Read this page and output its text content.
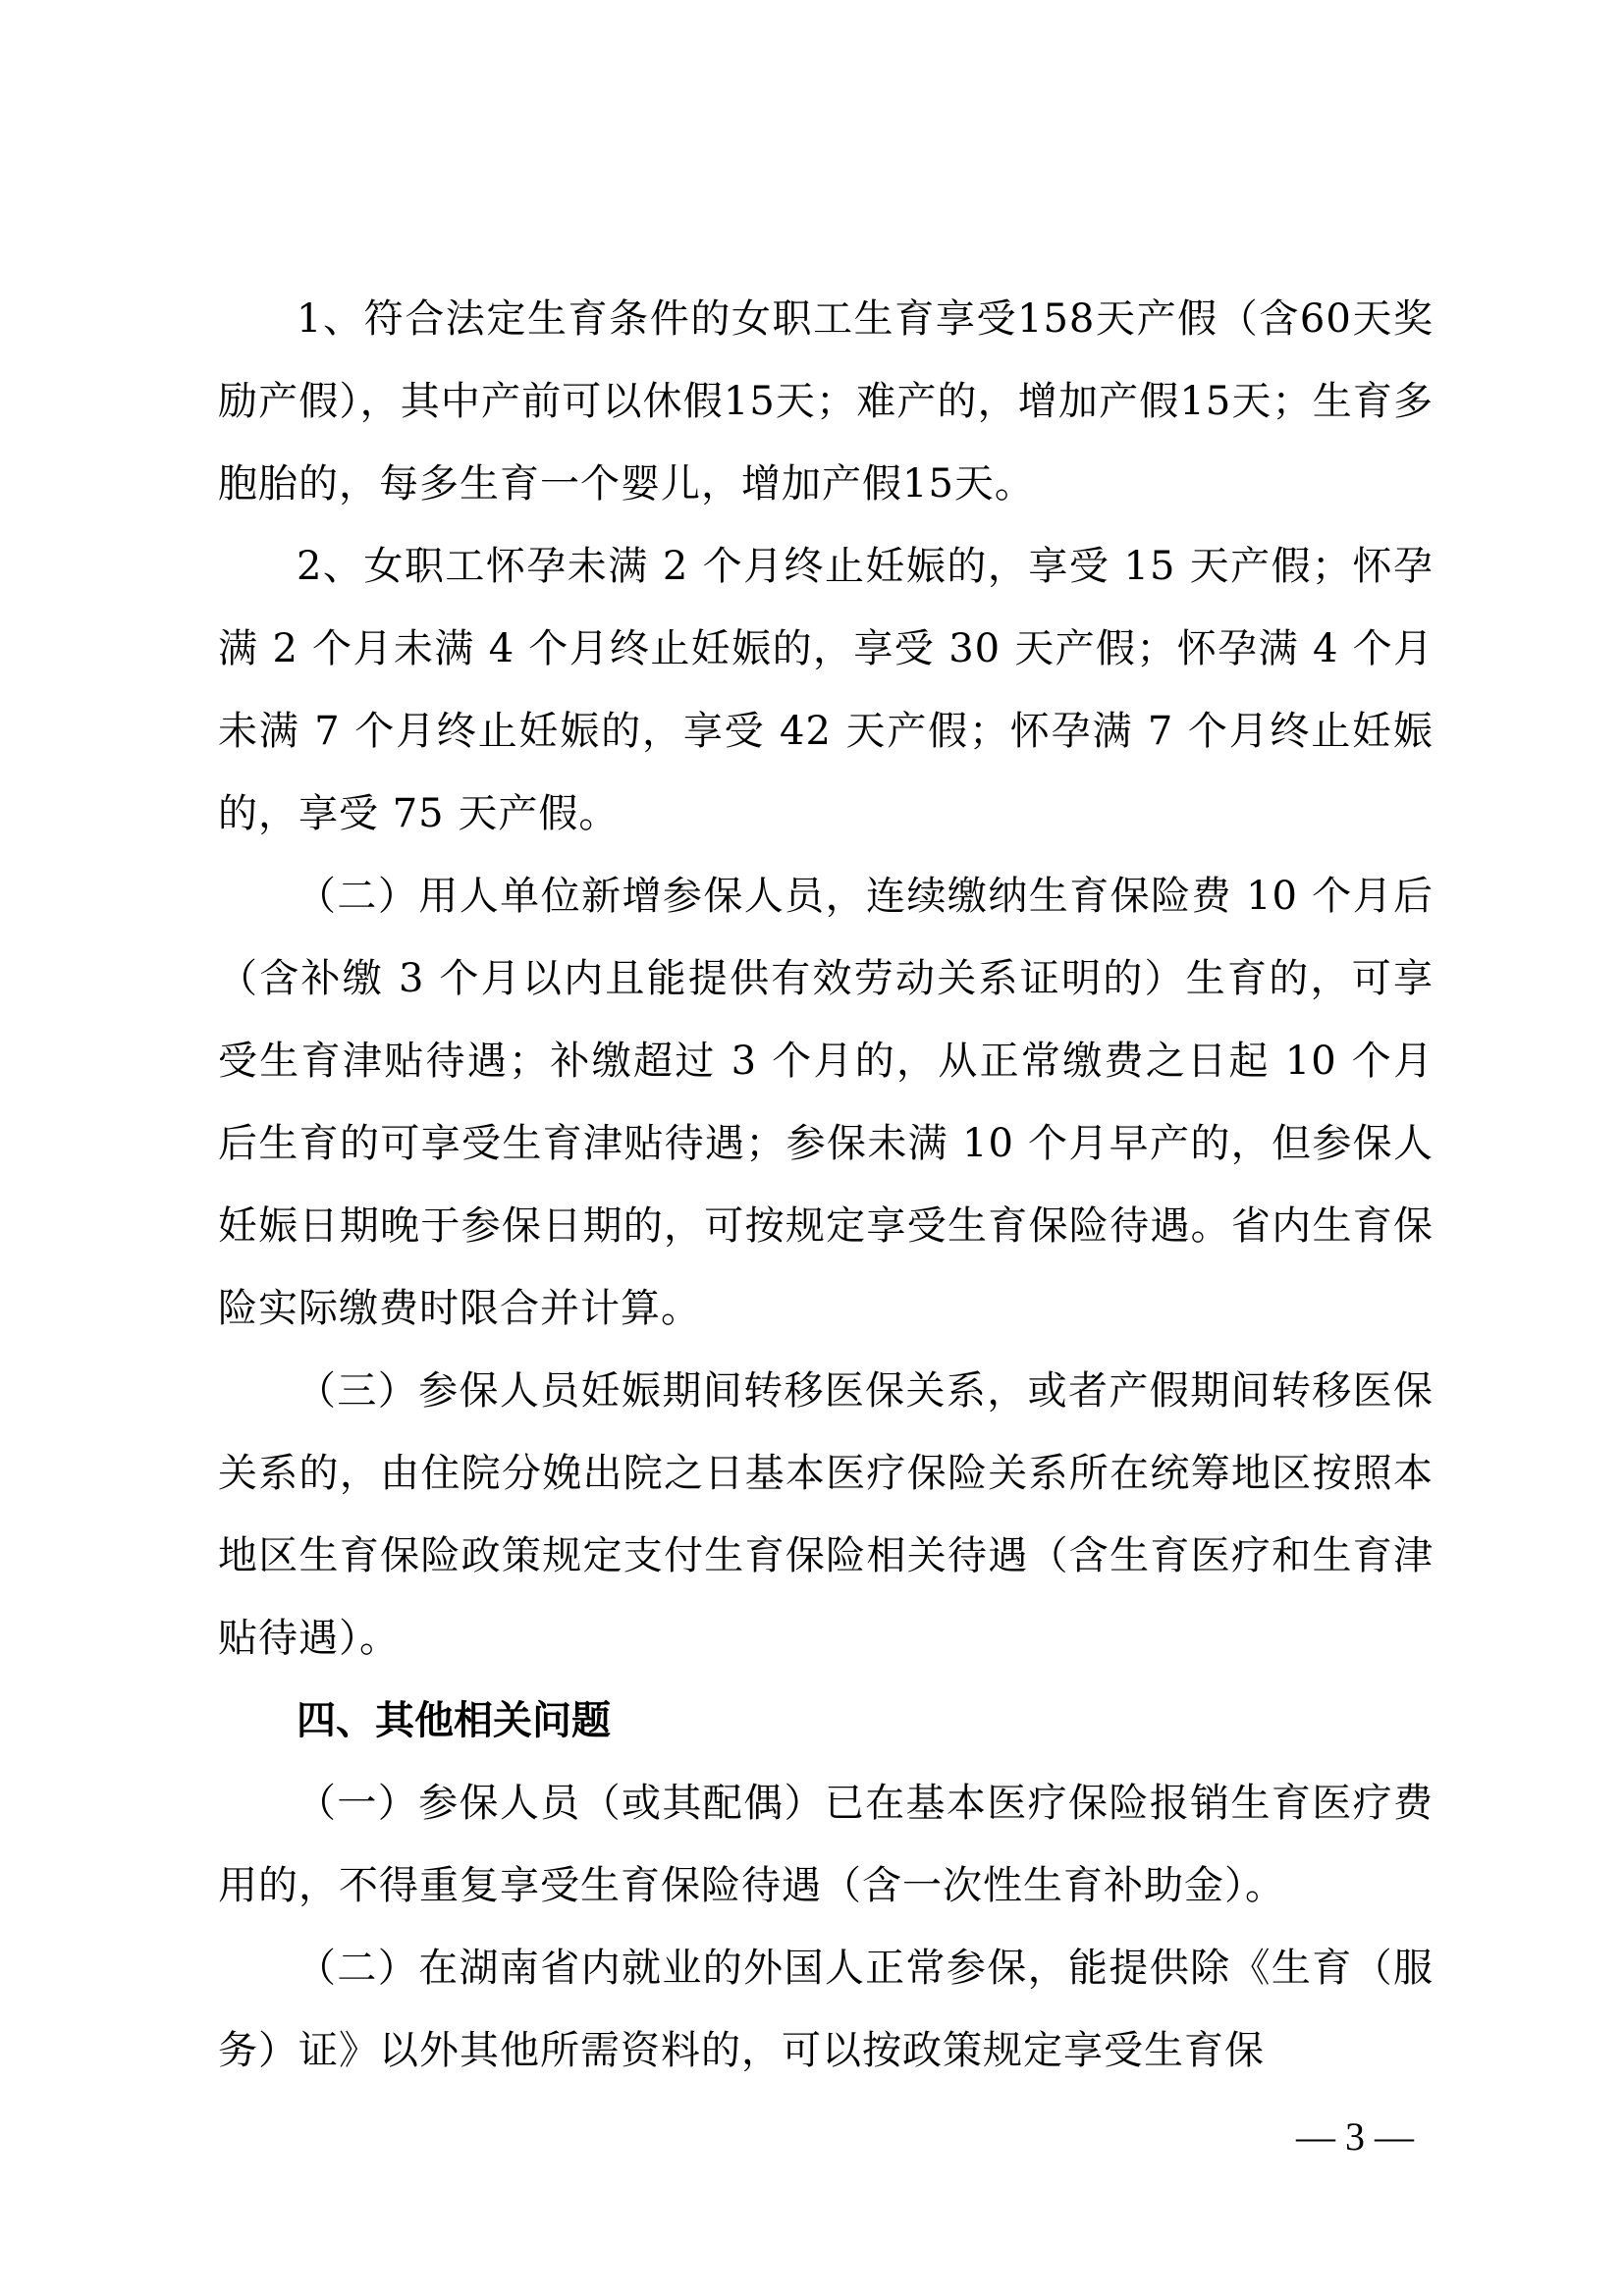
1、符合法定生育条件的女职工生育享受158天产假（含60天奖励产假），其中产前可以休假15天；难产的，增加产假15天；生育多胞胎的，每多生育一个婴儿，增加产假15天。

2、女职工怀孕未满 2 个月终止妊娠的，享受 15 天产假；怀孕满 2 个月未满 4 个月终止妊娠的，享受 30 天产假；怀孕满 4 个月未满 7 个月终止妊娠的，享受 42 天产假；怀孕满 7 个月终止妊娠的，享受 75 天产假。

（二）用人单位新增参保人员，连续缴纳生育保险费 10 个月后（含补缴 3 个月以内且能提供有效劳动关系证明的）生育的，可享受生育津贴待遇；补缴超过 3 个月的，从正常缴费之日起 10 个月后生育的可享受生育津贴待遇；参保未满 10 个月早产的，但参保人妊娠日期晚于参保日期的，可按规定享受生育保险待遇。省内生育保险实际缴费时限合并计算。

（三）参保人员妊娠期间转移医保关系，或者产假期间转移医保关系的，由住院分娩出院之日基本医疗保险关系所在统筹地区按照本地区生育保险政策规定支付生育保险相关待遇（含生育医疗和生育津贴待遇）。

四、其他相关问题

（一）参保人员（或其配偶）已在基本医疗保险报销生育医疗费用的，不得重复享受生育保险待遇（含一次性生育补助金）。

（二）在湖南省内就业的外国人正常参保，能提供除《生育（服务）证》以外其他所需资料的，可以按政策规定享受生育保

— 3 —
